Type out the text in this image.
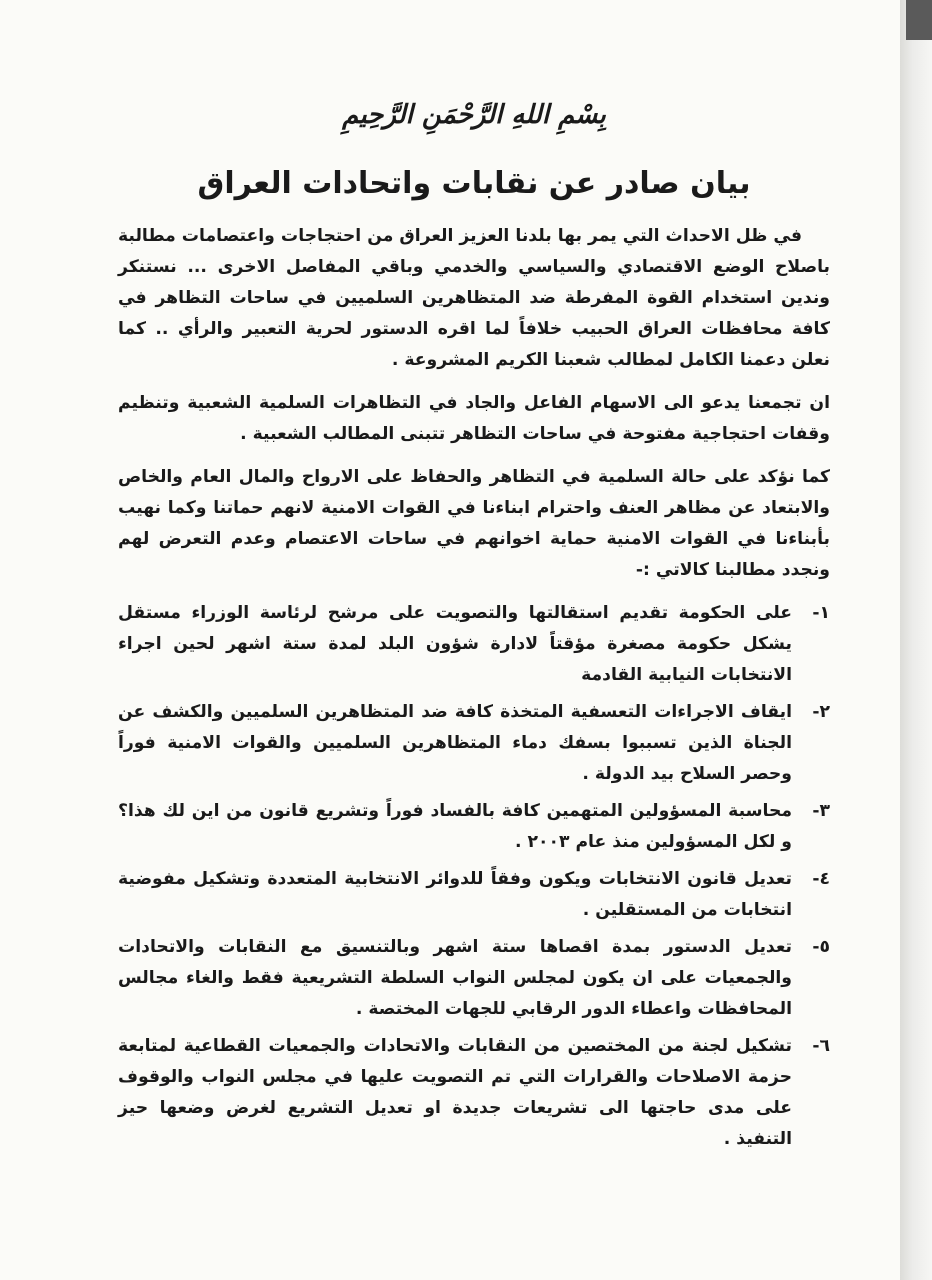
بِسْمِ اللهِ الرَّحْمَنِ الرَّحِيمِ
بيان صادر عن نقابات واتحادات العراق

في ظل الاحداث التي يمر بها بلدنا العزيز العراق من احتجاجات واعتصامات مطالبة باصلاح الوضع الاقتصادي والسياسي والخدمي وباقي المفاصل الاخرى ... نستنكر وندين استخدام القوة المفرطة ضد المتظاهرين السلميين في ساحات التظاهر في كافة محافظات العراق الحبيب خلافاً لما اقره الدستور لحرية التعبير والرأي .. كما نعلن دعمنا الكامل لمطالب شعبنا الكريم المشروعة .

ان تجمعنا يدعو الى الاسهام الفاعل والجاد في التظاهرات السلمية الشعبية وتنظيم وقفات احتجاجية مفتوحة في ساحات التظاهر تتبنى المطالب الشعبية .

كما نؤكد على حالة السلمية في التظاهر والحفاظ على الارواح والمال العام والخاص والابتعاد عن مظاهر العنف واحترام ابناءنا في القوات الامنية لانهم حماتنا وكما نهيب بأبناءنا في القوات الامنية حماية اخوانهم في ساحات الاعتصام وعدم التعرض لهم ونجدد مطالبنا كالاتي :-

١-
على الحكومة تقديم استقالتها والتصويت على مرشح لرئاسة الوزراء مستقل يشكل حكومة مصغرة مؤقتاً لادارة شؤون البلد لمدة ستة اشهر لحين اجراء الانتخابات النيابية القادمة
٢-
ايقاف الاجراءات التعسفية المتخذة كافة ضد المتظاهرين السلميين والكشف عن الجناة الذين تسببوا بسفك دماء المتظاهرين السلميين والقوات الامنية فوراً وحصر السلاح بيد الدولة .
٣-
محاسبة المسؤولين المتهمين كافة بالفساد فوراً وتشريع قانون من اين لك هذا؟ و لكل المسؤولين منذ عام ٢٠٠٣ .
٤-
تعديل قانون الانتخابات ويكون وفقاً للدوائر الانتخابية المتعددة وتشكيل مفوضية انتخابات من المستقلين .
٥-
تعديل الدستور بمدة اقصاها ستة اشهر وبالتنسيق مع النقابات والاتحادات والجمعيات على ان يكون لمجلس النواب السلطة التشريعية فقط والغاء مجالس المحافظات واعطاء الدور الرقابي للجهات المختصة .
٦-
تشكيل لجنة من المختصين من النقابات والاتحادات والجمعيات القطاعية لمتابعة حزمة الاصلاحات والقرارات التي تم التصويت عليها في مجلس النواب والوقوف على مدى حاجتها الى تشريعات جديدة او تعديل التشريع لغرض وضعها حيز التنفيذ .
